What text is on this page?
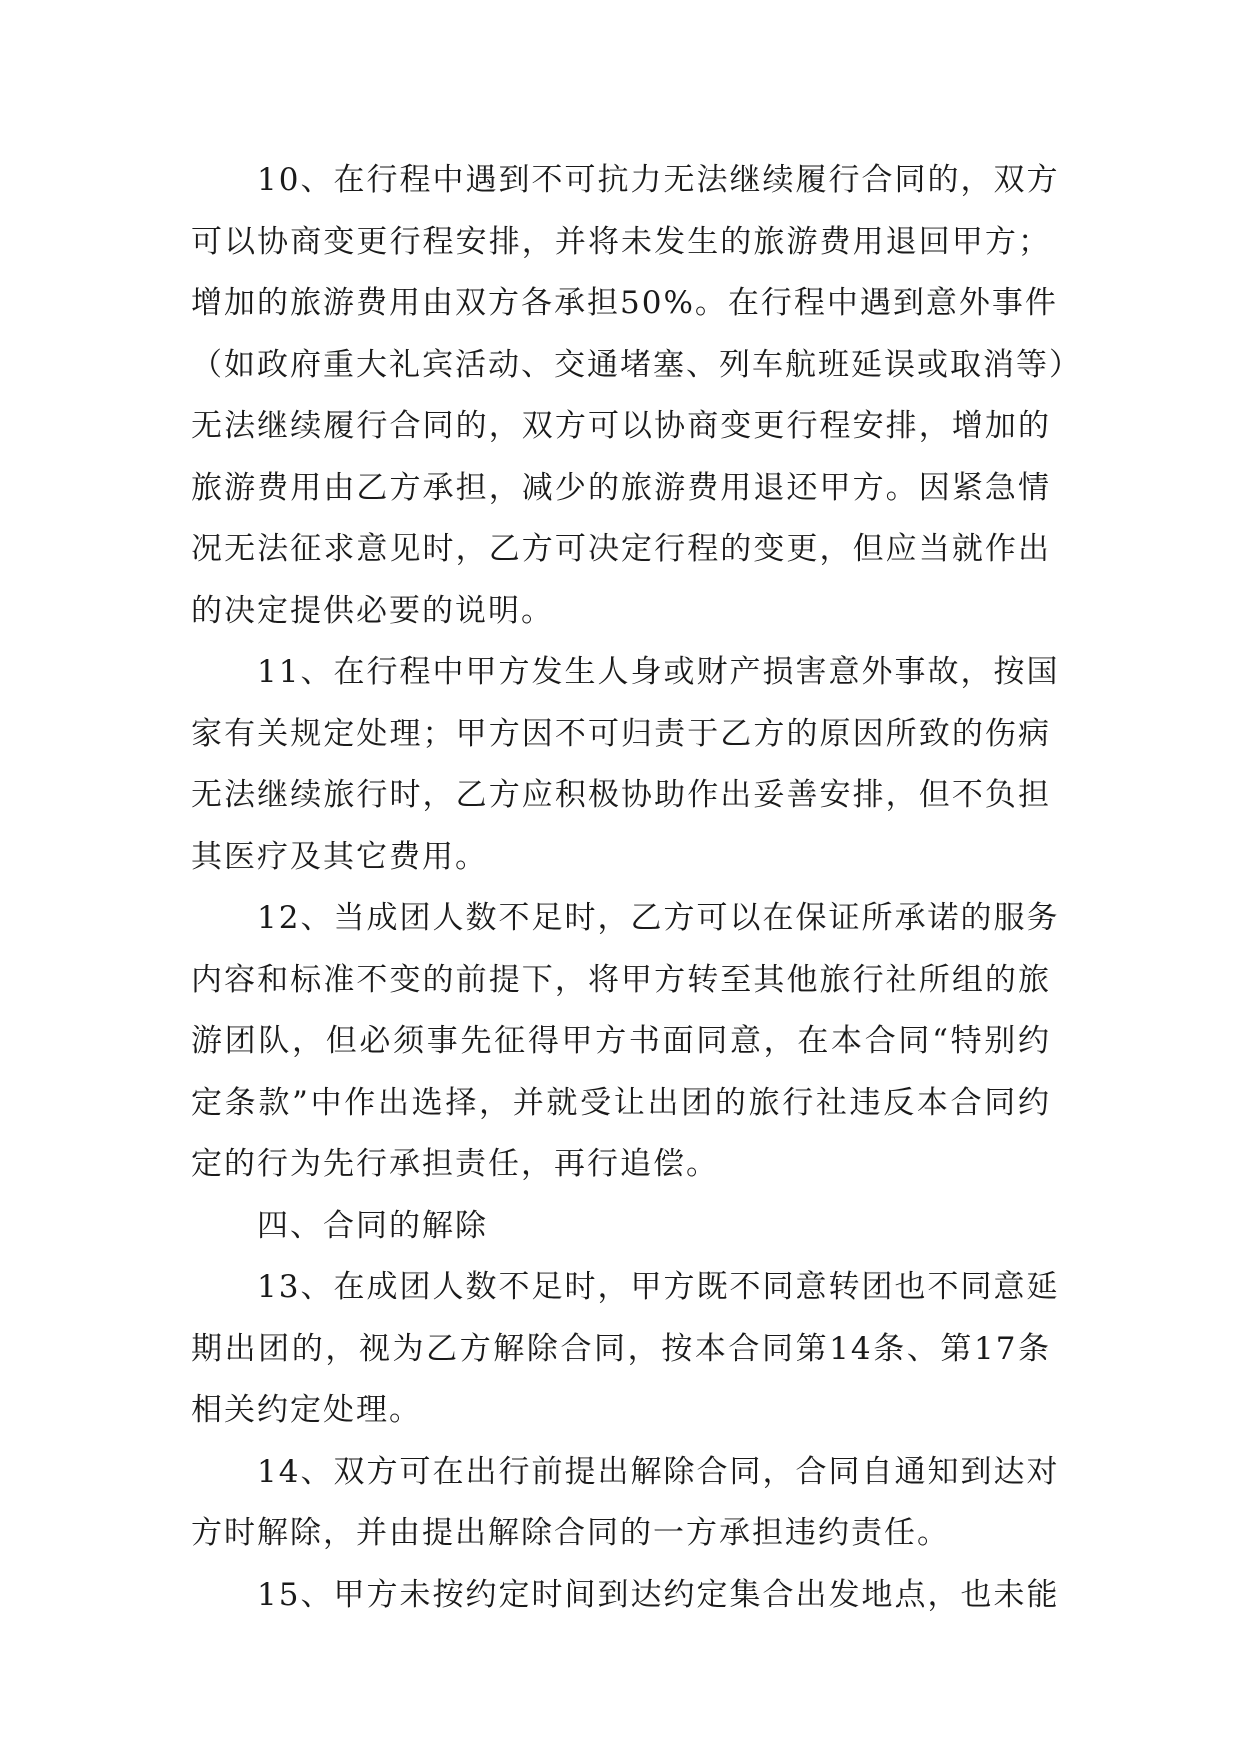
10、在行程中遇到不可抗力无法继续履行合同的，双方
可以协商变更行程安排，并将未发生的旅游费用退回甲方；
增加的旅游费用由双方各承担50%。在行程中遇到意外事件
（如政府重大礼宾活动、交通堵塞、列车航班延误或取消等）
无法继续履行合同的，双方可以协商变更行程安排，增加的
旅游费用由乙方承担，减少的旅游费用退还甲方。因紧急情
况无法征求意见时，乙方可决定行程的变更，但应当就作出
的决定提供必要的说明。
11、在行程中甲方发生人身或财产损害意外事故，按国
家有关规定处理；甲方因不可归责于乙方的原因所致的伤病
无法继续旅行时，乙方应积极协助作出妥善安排，但不负担
其医疗及其它费用。
12、当成团人数不足时，乙方可以在保证所承诺的服务
内容和标准不变的前提下，将甲方转至其他旅行社所组的旅
游团队，但必须事先征得甲方书面同意，在本合同“特别约
定条款”中作出选择，并就受让出团的旅行社违反本合同约
定的行为先行承担责任，再行追偿。
四、合同的解除
13、在成团人数不足时，甲方既不同意转团也不同意延
期出团的，视为乙方解除合同，按本合同第14条、第17条
相关约定处理。
14、双方可在出行前提出解除合同，合同自通知到达对
方时解除，并由提出解除合同的一方承担违约责任。
15、甲方未按约定时间到达约定集合出发地点，也未能
